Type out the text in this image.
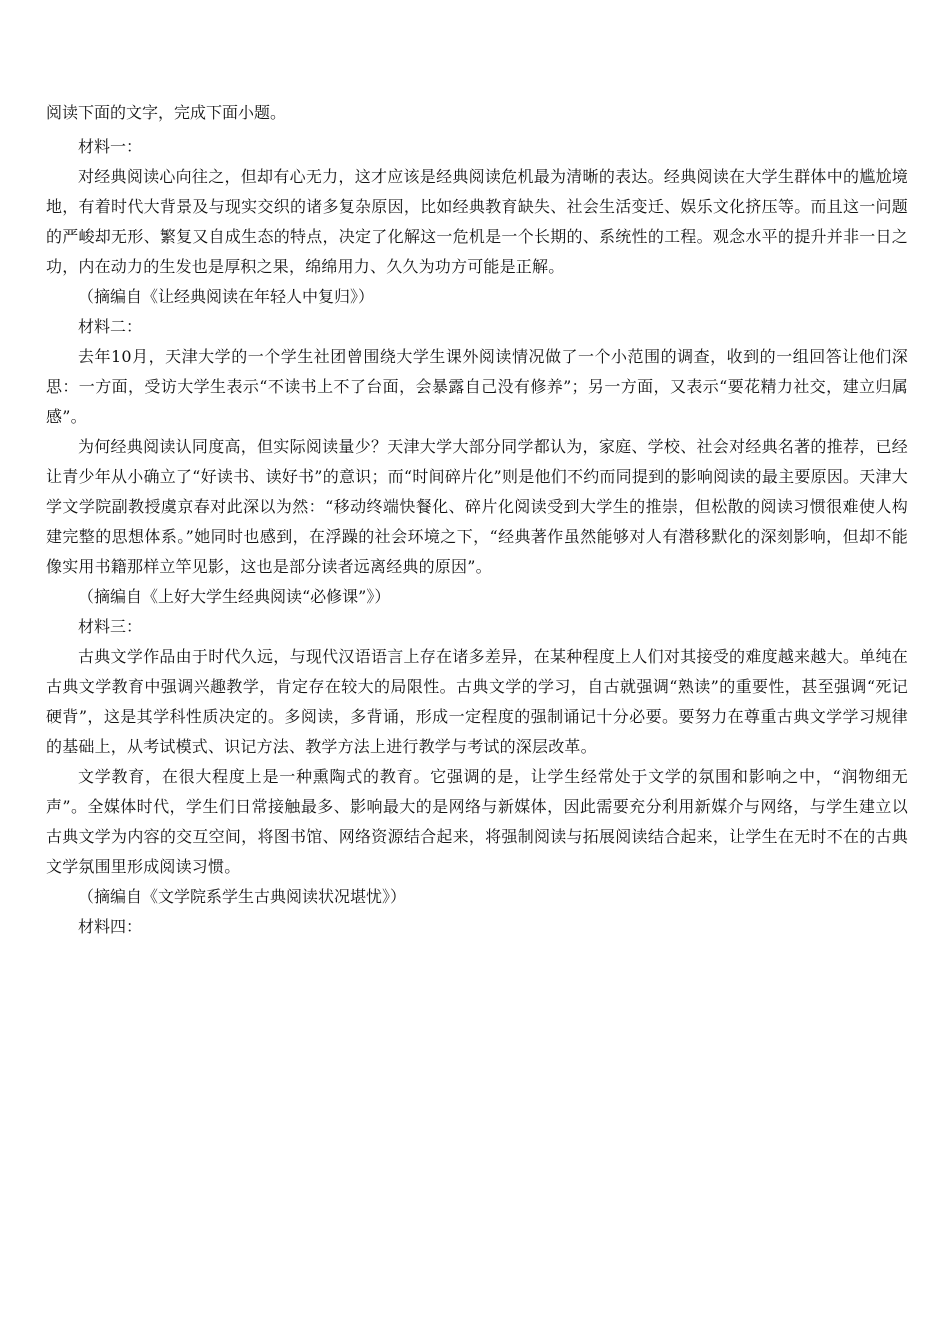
阅读下面的文字，完成下面小题。

材料一：

对经典阅读心向往之，但却有心无力，这才应该是经典阅读危机最为清晰的表达。经典阅读在大学生群体中的尴尬境地，有着时代大背景及与现实交织的诸多复杂原因，比如经典教育缺失、社会生活变迁、娱乐文化挤压等。而且这一问题的严峻却无形、繁复又自成生态的特点，决定了化解这一危机是一个长期的、系统性的工程。观念水平的提升并非一日之功，内在动力的生发也是厚积之果，绵绵用力、久久为功方可能是正解。

（摘编自《让经典阅读在年轻人中复归》）

材料二：

去年10月，天津大学的一个学生社团曾围绕大学生课外阅读情况做了一个小范围的调查，收到的一组回答让他们深思：一方面，受访大学生表示“不读书上不了台面，会暴露自己没有修养”；另一方面，又表示“要花精力社交，建立归属感”。

为何经典阅读认同度高，但实际阅读量少？天津大学大部分同学都认为，家庭、学校、社会对经典名著的推荐，已经让青少年从小确立了“好读书、读好书”的意识；而“时间碎片化”则是他们不约而同提到的影响阅读的最主要原因。天津大学文学院副教授虞京春对此深以为然：“移动终端快餐化、碎片化阅读受到大学生的推崇，但松散的阅读习惯很难使人构建完整的思想体系。”她同时也感到，在浮躁的社会环境之下，“经典著作虽然能够对人有潜移默化的深刻影响，但却不能像实用书籍那样立竿见影，这也是部分读者远离经典的原因”。

（摘编自《上好大学生经典阅读“必修课”》）

材料三：

古典文学作品由于时代久远，与现代汉语语言上存在诸多差异，在某种程度上人们对其接受的难度越来越大。单纯在古典文学教育中强调兴趣教学，肯定存在较大的局限性。古典文学的学习，自古就强调“熟读”的重要性，甚至强调“死记硬背”，这是其学科性质决定的。多阅读，多背诵，形成一定程度的强制诵记十分必要。要努力在尊重古典文学学习规律的基础上，从考试模式、识记方法、教学方法上进行教学与考试的深层改革。

文学教育，在很大程度上是一种熏陶式的教育。它强调的是，让学生经常处于文学的氛围和影响之中，“润物细无声”。全媒体时代，学生们日常接触最多、影响最大的是网络与新媒体，因此需要充分利用新媒介与网络，与学生建立以古典文学为内容的交互空间，将图书馆、网络资源结合起来，将强制阅读与拓展阅读结合起来，让学生在无时不在的古典文学氛围里形成阅读习惯。

（摘编自《文学院系学生古典阅读状况堪忧》）

材料四：
